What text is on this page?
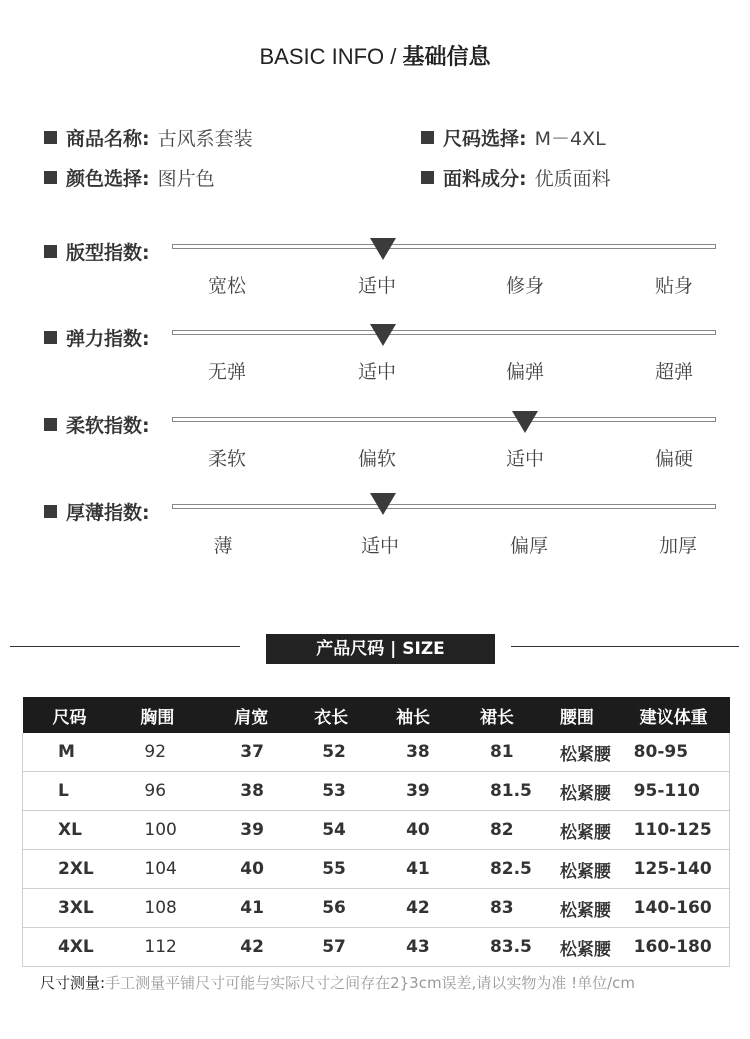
BASIC INFO / 基础信息
商品名称: 古风系套装	尺码选择: M－4XL
颜色选择: 图片色	面料成分: 优质面料
版型指数:
宽松	适中	修身	贴身
弹力指数:
无弹	适中	偏弹	超弹
柔软指数:
柔软	偏软	适中	偏硬
厚薄指数:
薄	适中	偏厚	加厚
产品尺码 | SIZE
尺码	胸围	肩宽	衣长	袖长	裙长	腰围	建议体重
M	92	37	52	38	81	松紧腰	80-95
L	96	38	53	39	81.5	松紧腰	95-110
XL	100	39	54	40	82	松紧腰	110-125
2XL	104	40	55	41	82.5	松紧腰	125-140
3XL	108	41	56	42	83	松紧腰	140-160
4XL	112	42	57	43	83.5	松紧腰	160-180
尺寸测量:手工测量平铺尺寸可能与实际尺寸之间存在2}3cm误差,请以实物为准 !单位/cm
